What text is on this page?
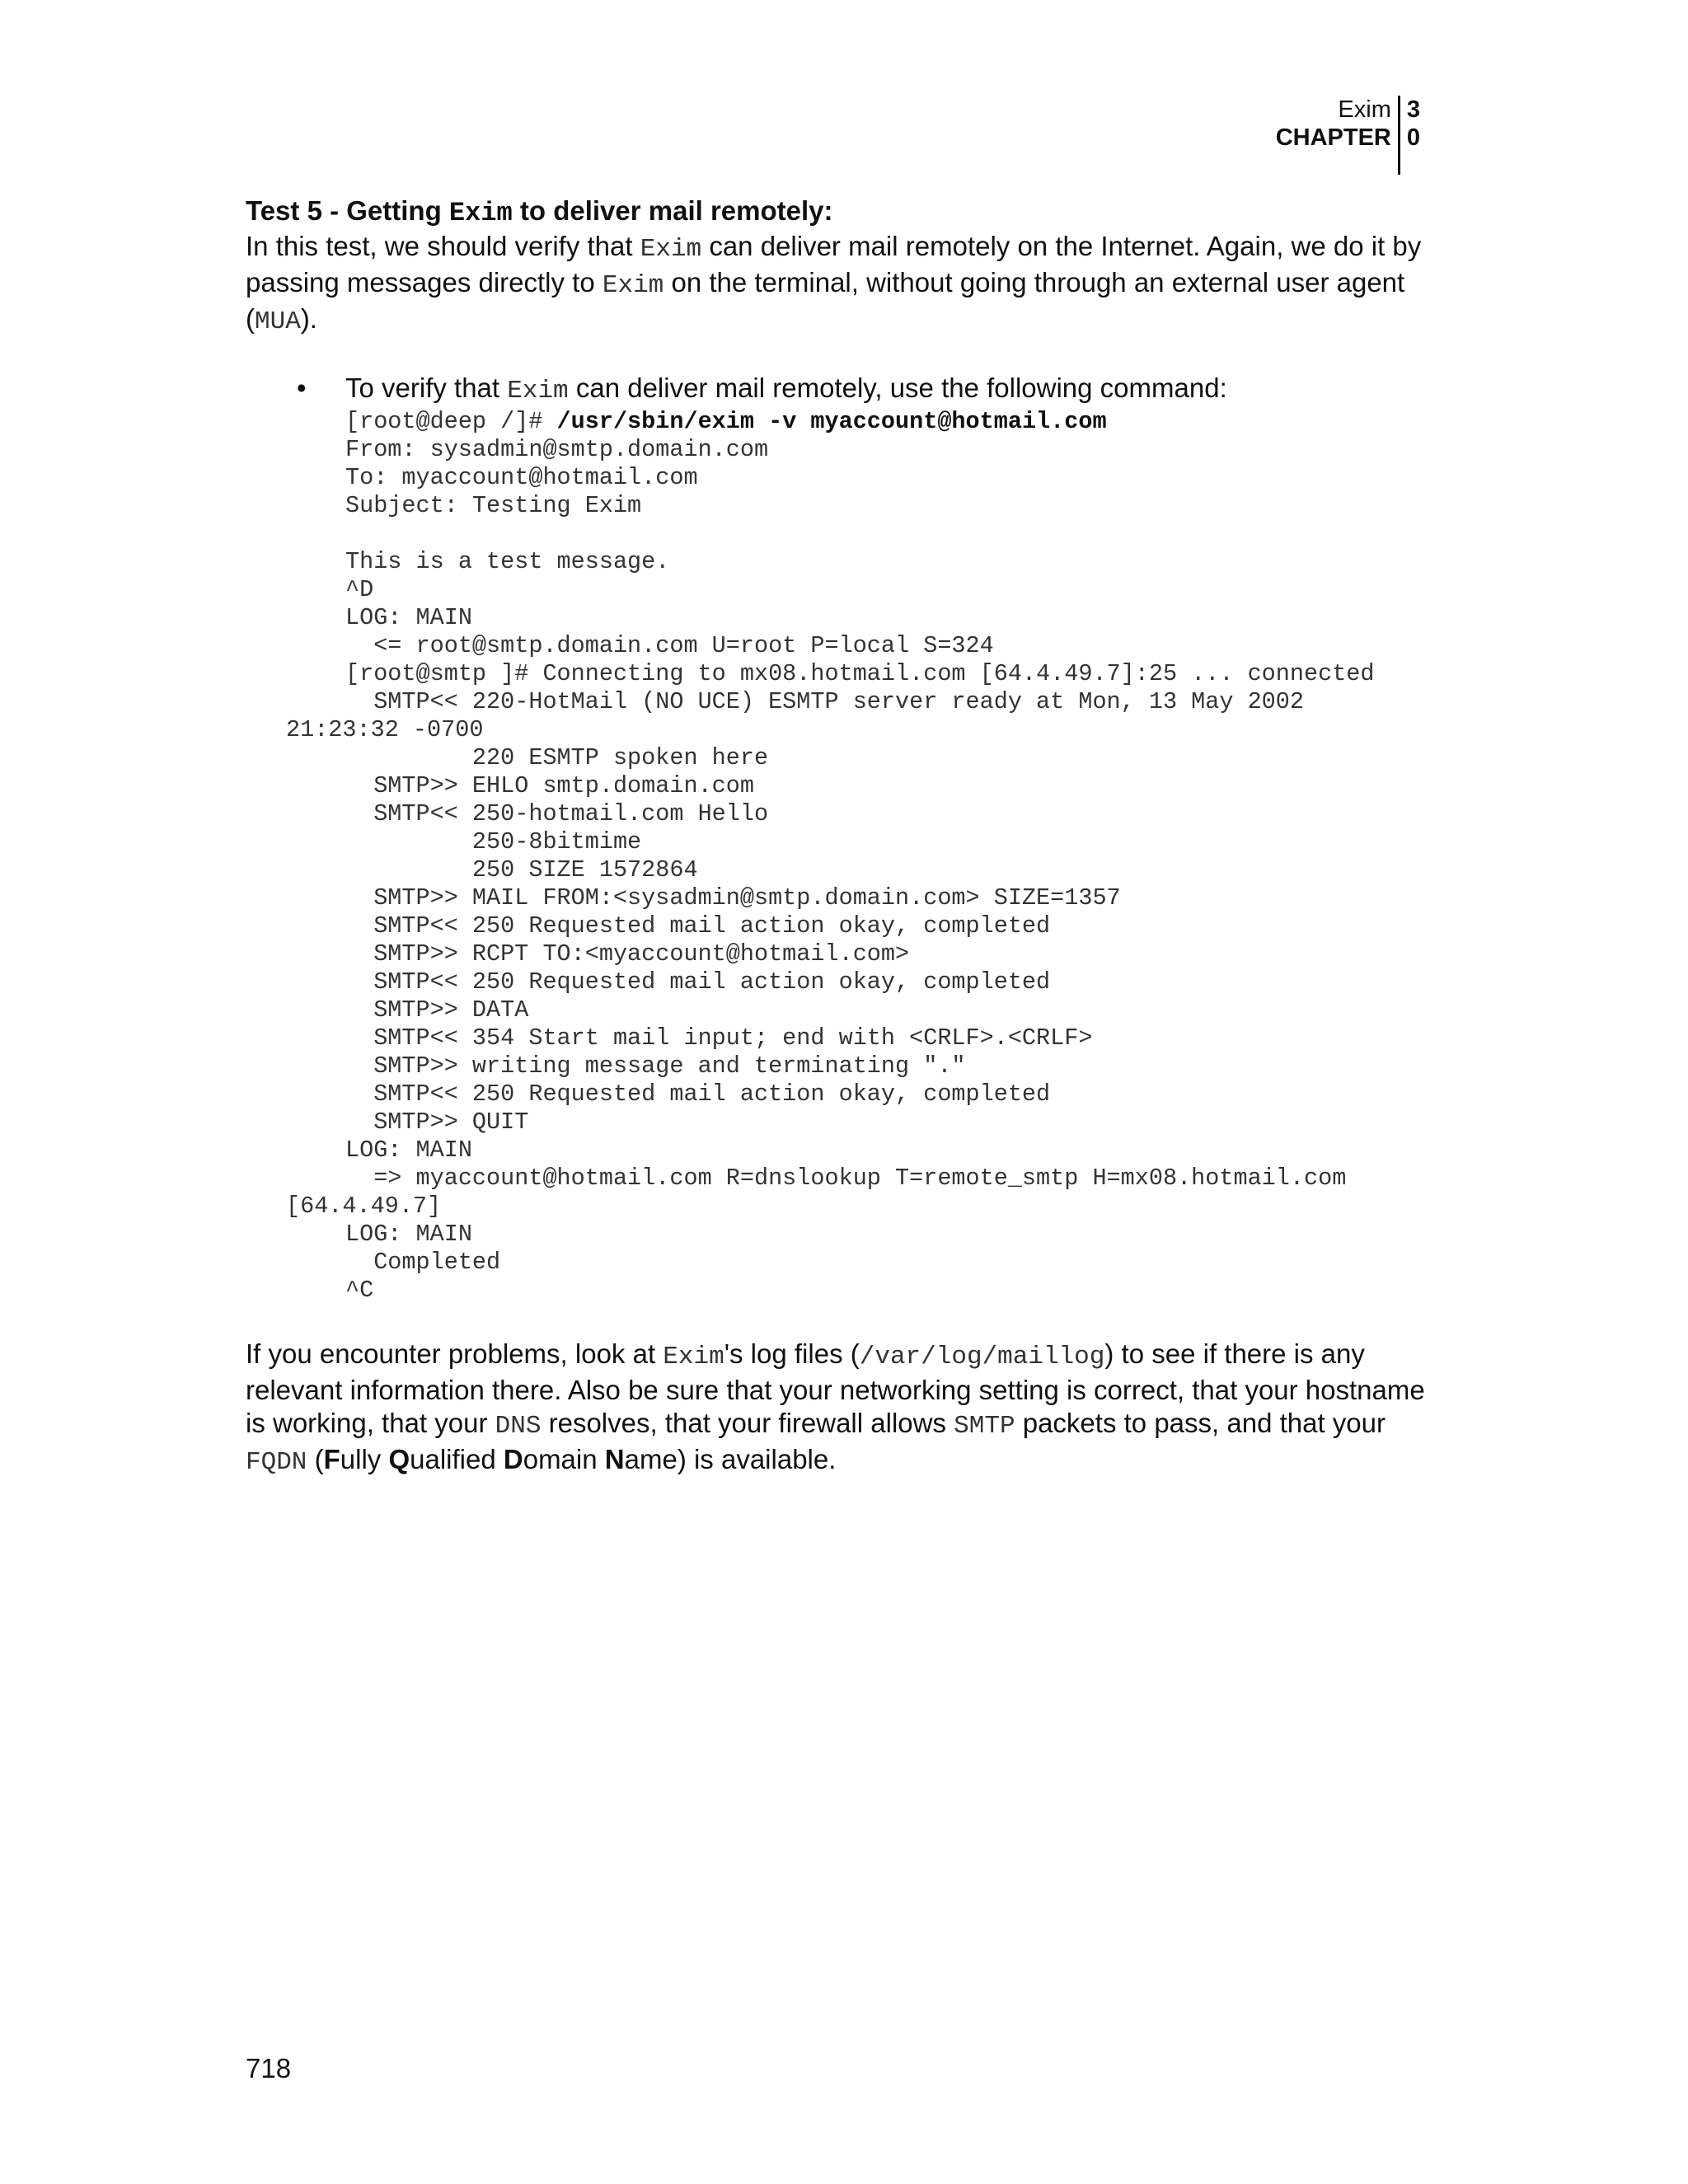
Exim
CHAPTER
3
0
Test 5 - Getting Exim to deliver mail remotely:

In this test, we should verify that Exim can deliver mail remotely on the Internet. Again, we do it by passing messages directly to Exim on the terminal, without going through an external user agent (MUA).

• To verify that Exim can deliver mail remotely, use the following command:
[root@deep /]# /usr/sbin/exim -v myaccount@hotmail.com
From: sysadmin@smtp.domain.com
To: myaccount@hotmail.com
Subject: Testing Exim

This is a test message.
^D
LOG: MAIN
<= root@smtp.domain.com U=root P=local S=324
[root@smtp ]# Connecting to mx08.hotmail.com [64.4.49.7]:25 ... connected
SMTP<< 220-HotMail (NO UCE) ESMTP server ready at Mon, 13 May 2002

21:23:32 -0700
220 ESMTP spoken here
SMTP>> EHLO smtp.domain.com
SMTP<< 250-hotmail.com Hello
250-8bitmime
250 SIZE 1572864
SMTP>> MAIL FROM:<sysadmin@smtp.domain.com> SIZE=1357
SMTP<< 250 Requested mail action okay, completed
SMTP>> RCPT TO:<myaccount@hotmail.com>
SMTP<< 250 Requested mail action okay, completed
SMTP>> DATA
SMTP<< 354 Start mail input; end with <CRLF>.<CRLF>
SMTP>> writing message and terminating "."
SMTP<< 250 Requested mail action okay, completed
SMTP>> QUIT
LOG: MAIN
=> myaccount@hotmail.com R=dnslookup T=remote_smtp H=mx08.hotmail.com

[64.4.49.7]
LOG: MAIN
Completed
^C

If you encounter problems, look at Exim's log files (/var/log/maillog) to see if there is any relevant information there. Also be sure that your networking setting is correct, that your hostname is working, that your DNS resolves, that your firewall allows SMTP packets to pass, and that your FQDN (Fully Qualified Domain Name) is available.

718
